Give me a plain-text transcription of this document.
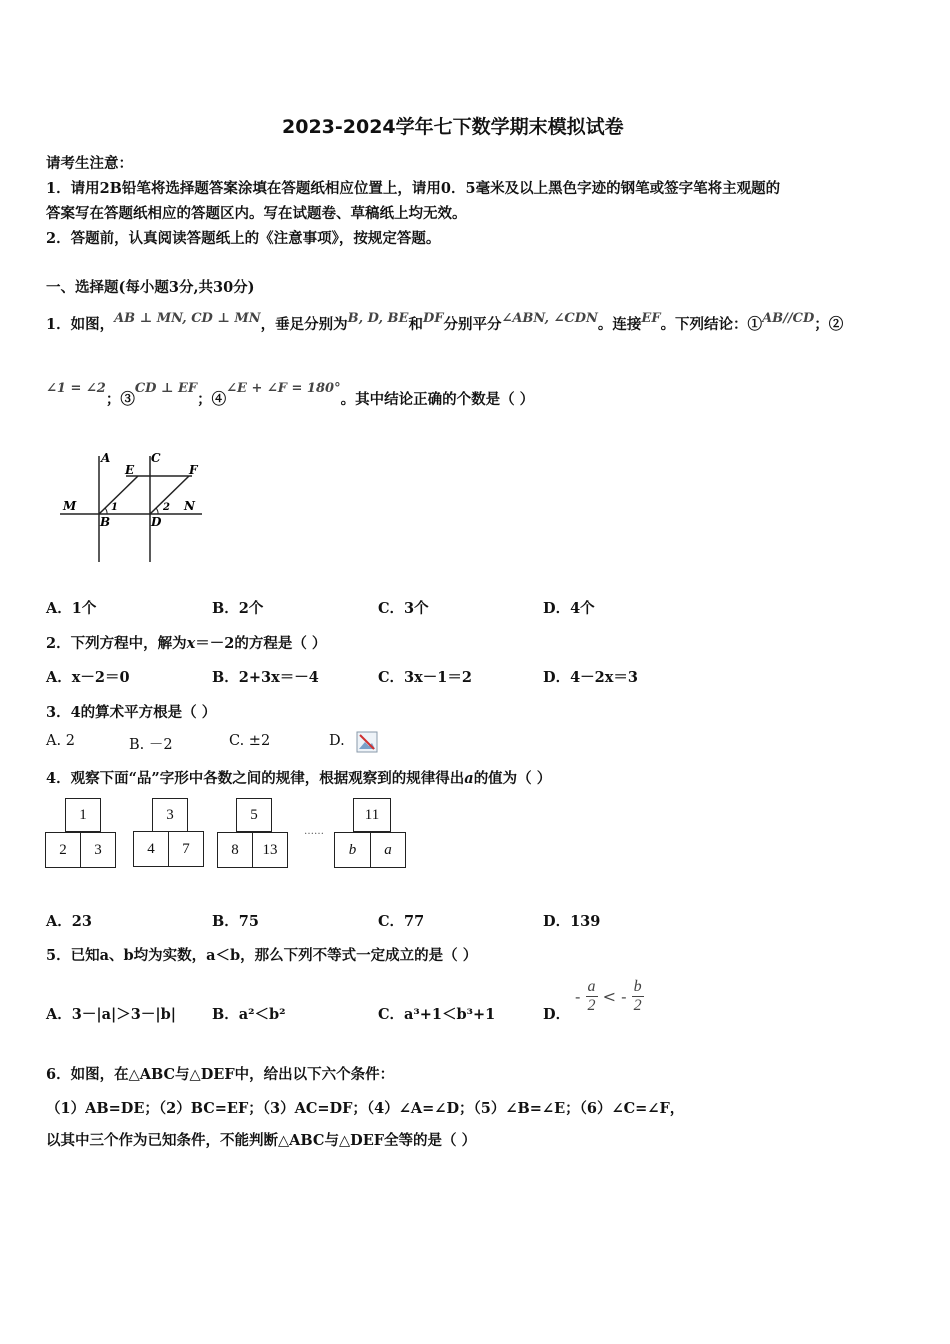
2023-2024学年七下数学期末模拟试卷
请考生注意：
1．请用2B铅笔将选择题答案涂填在答题纸相应位置上，请用0．5毫米及以上黑色字迹的钢笔或签字笔将主观题的
答案写在答题纸相应的答题区内。写在试题卷、草稿纸上均无效。
2．答题前，认真阅读答题纸上的《注意事项》，按规定答题。
一、选择题(每小题3分,共30分)
1．如图，AB ⊥ MN, CD ⊥ MN，垂足分别为B, D, BE和DF分别平分∠ABN, ∠CDN。连接EF。下列结论：①AB//CD；②
∠1 = ∠2；③CD ⊥ EF；④∠E + ∠F = 180°。其中结论正确的个数是（ ）
A	C
E	F
M	N
B	D
1	2
A．1个	B．2个	C．3个	D．4个
2．下列方程中，解为x＝－2的方程是（ ）
A．x－2＝0	B．2+3x＝－4	C．3x－1＝2	D．4－2x＝3
3．4的算术平方根是（ ）
A. 2	B. －2	C. ±2	D.
4．观察下面“品”字形中各数之间的规律，根据观察到的规律得出a的值为（ ）
1
2	3
3
4	7
5
8	13
……
11
b	a
A．23	B．75	C．77	D．139
5．已知a、b均为实数，a＜b，那么下列不等式一定成立的是（ ）
A．3－|a|＞3－|b| B．a²＜b²	C．a³+1＜b³+1	D．
- $\frac{a}{2}$ < - $\frac{b}{2}$
6．如图，在△ABC与△DEF中，给出以下六个条件：
（1）AB=DE；（2）BC=EF；（3）AC=DF；（4）∠A=∠D；（5）∠B=∠E；（6）∠C=∠F，
以其中三个作为已知条件，不能判断△ABC与△DEF全等的是（ ）
